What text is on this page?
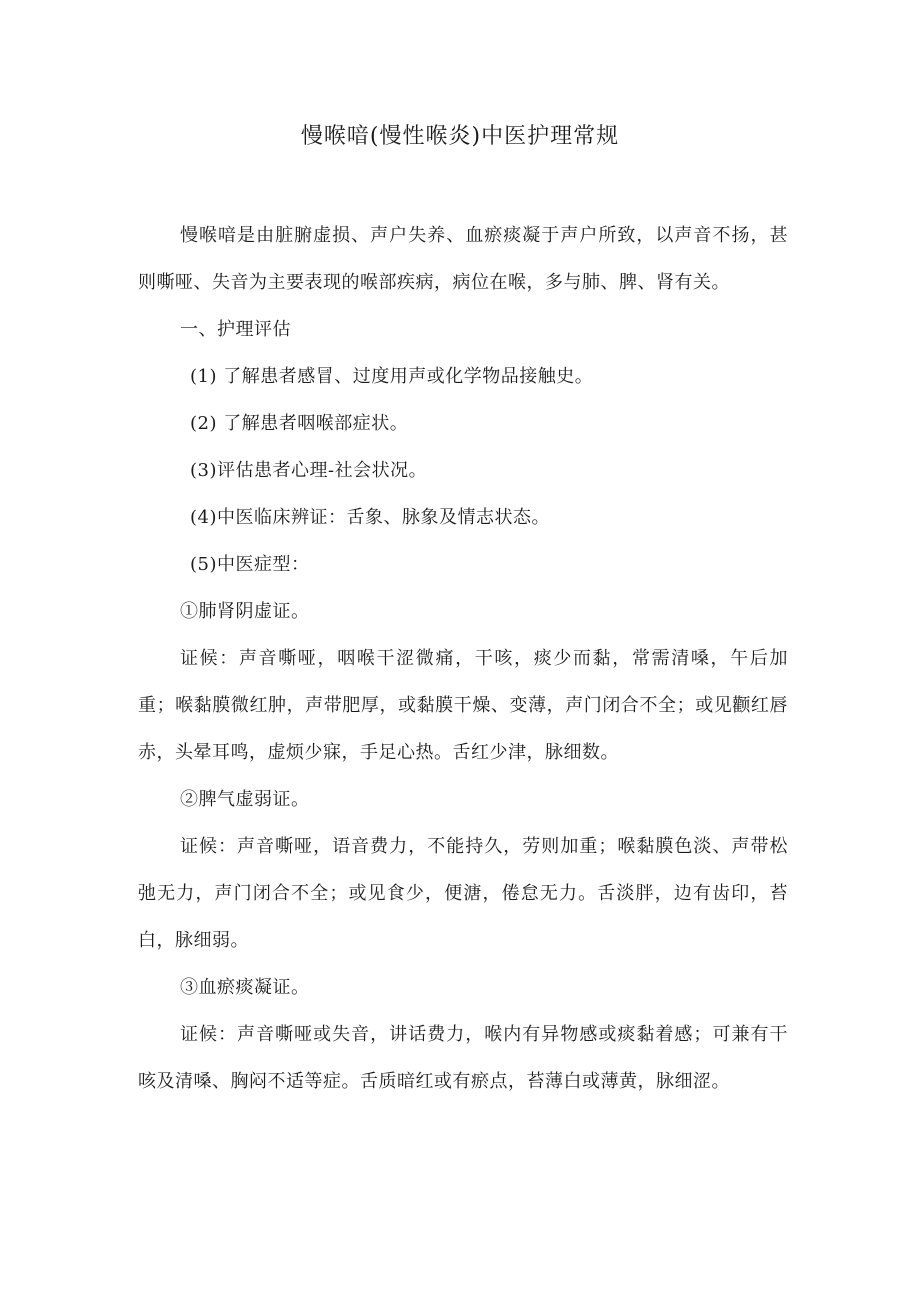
慢喉喑(慢性喉炎)中医护理常规

慢喉喑是由脏腑虚损、声户失养、血瘀痰凝于声户所致，以声音不扬，甚则嘶哑、失音为主要表现的喉部疾病，病位在喉，多与肺、脾、肾有关。

一、护理评估

(1) 了解患者感冒、过度用声或化学物品接触史。

(2) 了解患者咽喉部症状。

(3)评估患者心理-社会状况。

(4)中医临床辨证：舌象、脉象及情志状态。

(5)中医症型：

①肺肾阴虚证。

证候：声音嘶哑，咽喉干涩微痛，干咳，痰少而黏，常需清嗓，午后加重；喉黏膜微红肿，声带肥厚，或黏膜干燥、变薄，声门闭合不全；或见颧红唇赤，头晕耳鸣，虚烦少寐，手足心热。舌红少津，脉细数。

②脾气虚弱证。

证候：声音嘶哑，语音费力，不能持久，劳则加重；喉黏膜色淡、声带松弛无力，声门闭合不全；或见食少，便溏，倦怠无力。舌淡胖，边有齿印，苔白，脉细弱。

③血瘀痰凝证。

证候：声音嘶哑或失音，讲话费力，喉内有异物感或痰黏着感；可兼有干咳及清嗓、胸闷不适等症。舌质暗红或有瘀点，苔薄白或薄黄，脉细涩。
